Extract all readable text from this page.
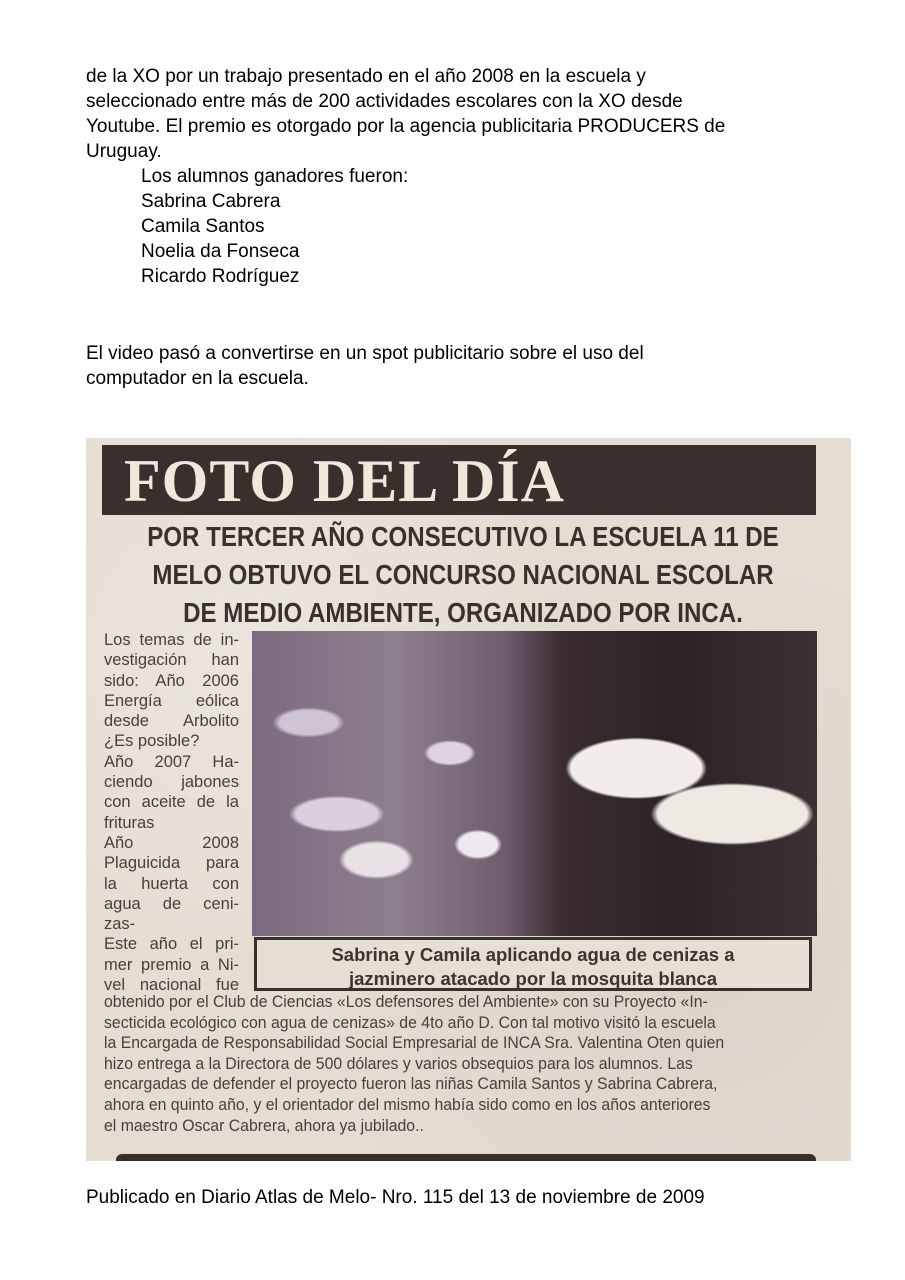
de la XO por un trabajo presentado en el año 2008 en la escuela y
seleccionado entre más de 200 actividades escolares con la XO desde
Youtube. El premio es otorgado por la agencia publicitaria PRODUCERS de
Uruguay.
Los alumnos ganadores fueron:
Sabrina Cabrera
Camila Santos
Noelia da Fonseca
Ricardo Rodríguez
El video pasó a convertirse en un spot publicitario sobre el uso del
computador en la escuela.
FOTO DEL DÍA
POR TERCER AÑO CONSECUTIVO LA ESCUELA 11 DE
MELO OBTUVO EL CONCURSO NACIONAL ESCOLAR
DE MEDIO AMBIENTE, ORGANIZADO POR INCA.
Los temas de in-
vestigación han
sido: Año 2006
Energía eólica
desde Arbolito
¿Es posible?
Año 2007 Ha-
ciendo jabones
con aceite de la
frituras
Año 2008
Plaguicida para
la huerta con
agua de ceni-
zas-
Este año el pri-
mer premio a Ni-
vel nacional fue
Sabrina y Camila aplicando agua de cenizas a
jazminero atacado por la mosquita blanca
obtenido por el Club de Ciencias «Los defensores del Ambiente» con su Proyecto «In-
secticida ecológico con agua de cenizas» de 4to año D. Con tal motivo visitó la escuela
la Encargada de Responsabilidad Social Empresarial de INCA Sra. Valentina Oten quien
hizo entrega a la Directora de 500 dólares y varios obsequios para los alumnos. Las
encargadas de defender el proyecto fueron las niñas Camila Santos y Sabrina Cabrera,
ahora en quinto año, y el orientador del mismo había sido como en los años anteriores
el maestro Oscar Cabrera, ahora ya jubilado..
Publicado en Diario Atlas de Melo- Nro. 115 del 13 de noviembre de 2009
